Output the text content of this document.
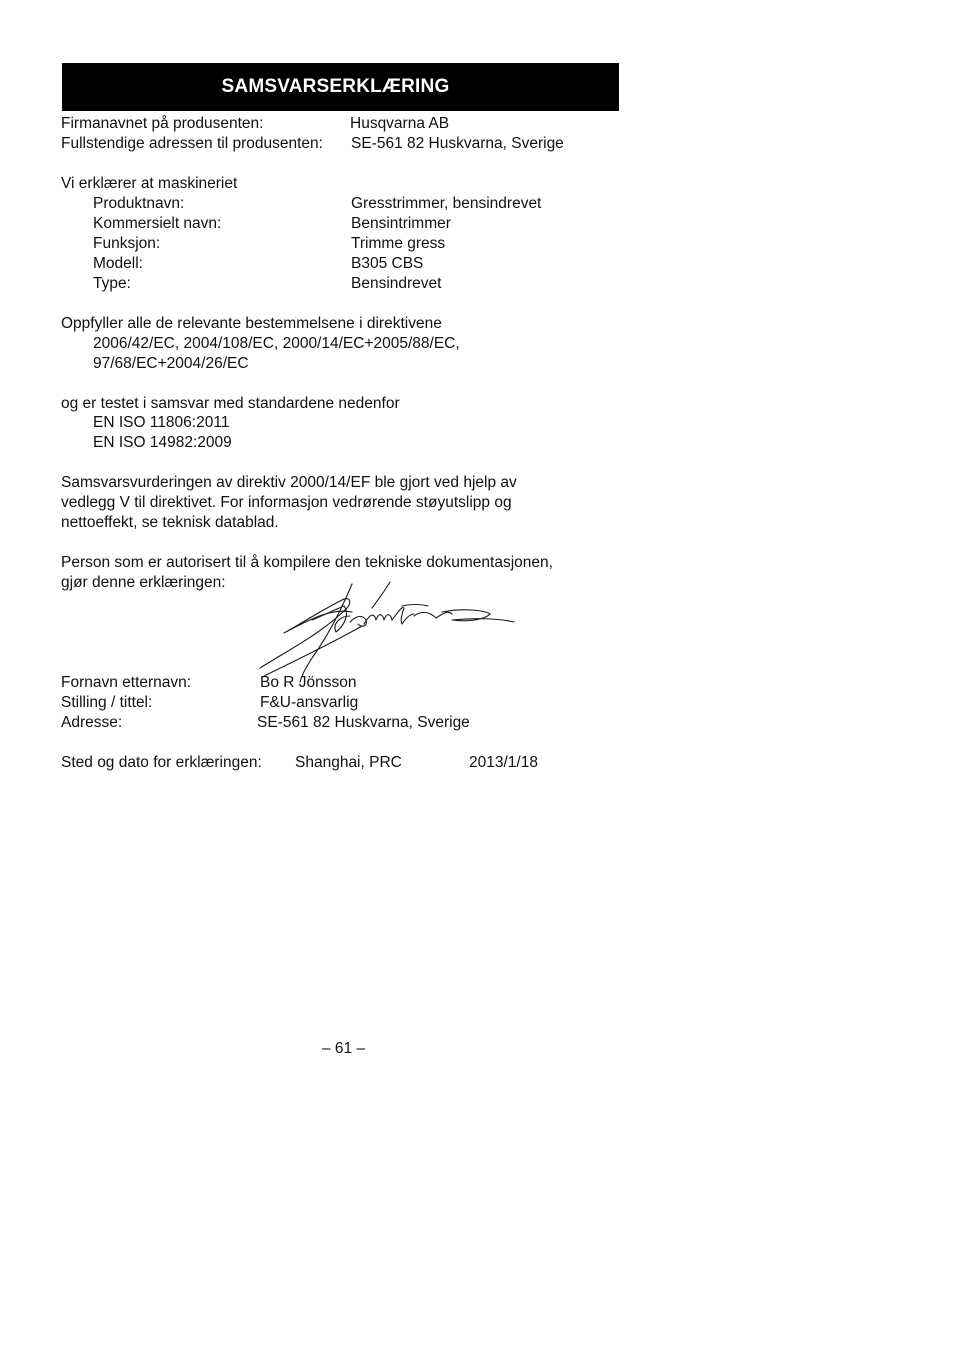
SAMSVARSERKLÆRING
Firmanavnet på produsenten:	Husqvarna AB
Fullstendige adressen til produsenten: SE-561 82 Huskvarna, Sverige
Vi erklærer at maskineriet
Produktnavn:	Gresstrimmer, bensindrevet
Kommersielt navn:	Bensintrimmer
Funksjon:	Trimme gress
Modell:	B305 CBS
Type:	Bensindrevet
Oppfyller alle de relevante bestemmelsene i direktivene
2006/42/EC, 2004/108/EC, 2000/14/EC+2005/88/EC,
97/68/EC+2004/26/EC
og er testet i samsvar med standardene nedenfor
EN ISO 11806:2011
EN ISO 14982:2009
Samsvarsvurderingen av direktiv 2000/14/EF ble gjort ved hjelp av
vedlegg V til direktivet. For informasjon vedrørende støyutslipp og
nettoeffekt, se teknisk datablad.
Person som er autorisert til å kompilere den tekniske dokumentasjonen,
gjør denne erklæringen:
Fornavn etternavn:	Bo R Jönsson
Stilling / tittel:	F&U-ansvarlig
Adresse:	SE-561 82 Huskvarna, Sverige
Sted og dato for erklæringen: Shanghai, PRC	2013/1/18
– 61 –
